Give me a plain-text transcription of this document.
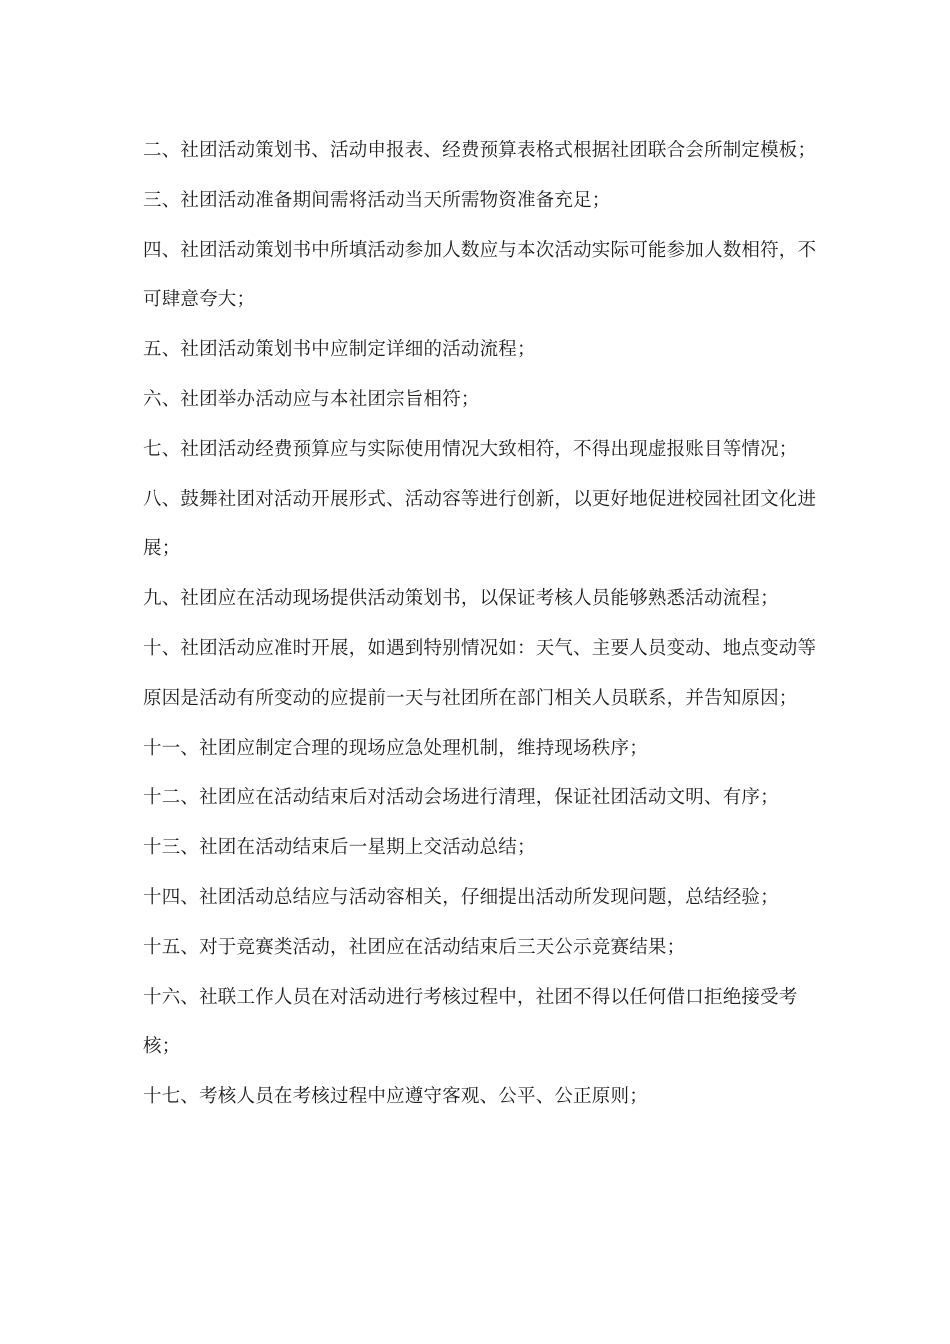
二、社团活动策划书、活动申报表、经费预算表格式根据社团联合会所制定模板；

三、社团活动准备期间需将活动当天所需物资准备充足；

四、社团活动策划书中所填活动参加人数应与本次活动实际可能参加人数相符，不可肆意夸大；

五、社团活动策划书中应制定详细的活动流程；

六、社团举办活动应与本社团宗旨相符；

七、社团活动经费预算应与实际使用情况大致相符，不得出现虚报账目等情况；

八、鼓舞社团对活动开展形式、活动容等进行创新，以更好地促进校园社团文化进展；

九、社团应在活动现场提供活动策划书，以保证考核人员能够熟悉活动流程；

十、社团活动应准时开展，如遇到特别情况如：天气、主要人员变动、地点变动等原因是活动有所变动的应提前一天与社团所在部门相关人员联系，并告知原因；

十一、社团应制定合理的现场应急处理机制，维持现场秩序；

十二、社团应在活动结束后对活动会场进行清理，保证社团活动文明、有序；

十三、社团在活动结束后一星期上交活动总结；

十四、社团活动总结应与活动容相关，仔细提出活动所发现问题，总结经验；

十五、对于竞赛类活动，社团应在活动结束后三天公示竞赛结果；

十六、社联工作人员在对活动进行考核过程中，社团不得以任何借口拒绝接受考核；

十七、考核人员在考核过程中应遵守客观、公平、公正原则；
